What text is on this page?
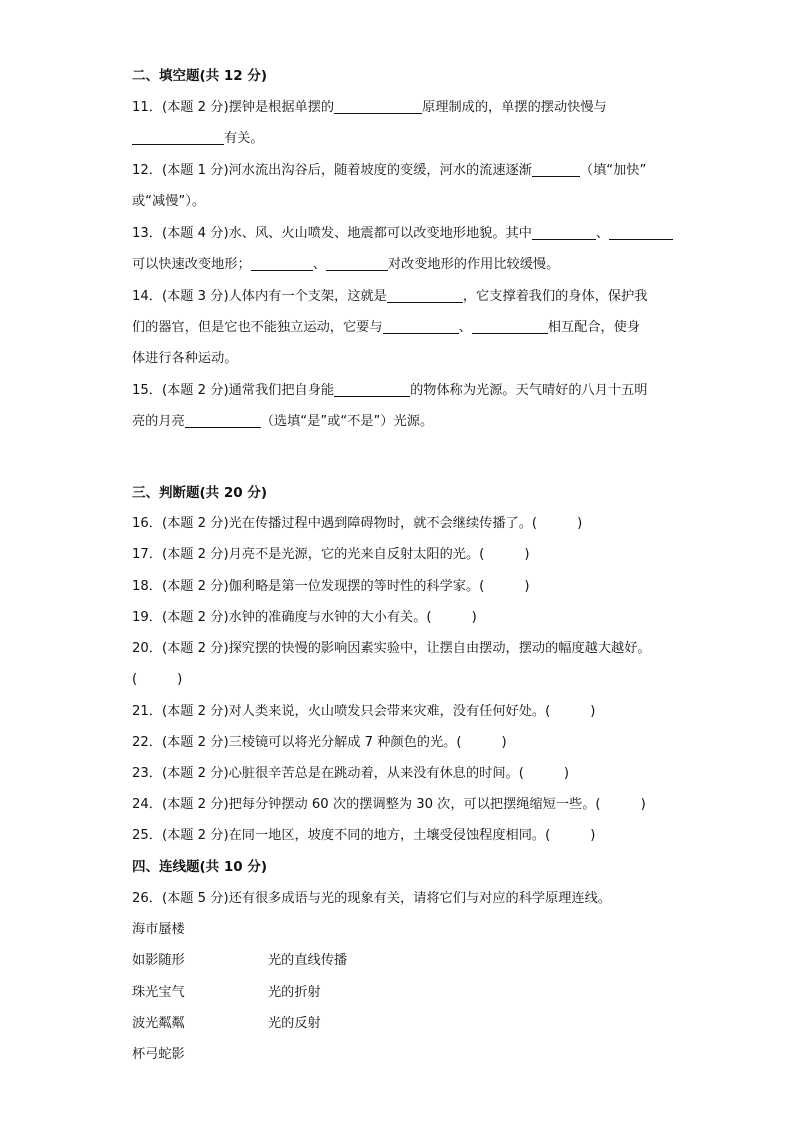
二、填空题(共 12 分)
11．(本题 2 分)摆钟是根据单摆的	原理制成的，单摆的摆动快慢与
有关。
12．(本题 1 分)河水流出沟谷后，随着坡度的变缓，河水的流速逐渐	（填“加快”
或“减慢”）。
13．(本题 4 分)水、风、火山喷发、地震都可以改变地形地貌。其中	、
可以快速改变地形；	、	对改变地形的作用比较缓慢。
14．(本题 3 分)人体内有一个支架，这就是	，它支撑着我们的身体，保护我
们的器官，但是它也不能独立运动，它要与	、	相互配合，使身
体进行各种运动。
15．(本题 2 分)通常我们把自身能	的物体称为光源。天气晴好的八月十五明
亮的月亮	（选填“是”或“不是”）光源。
三、判断题(共 20 分)
16．(本题 2 分)光在传播过程中遇到障碍物时，就不会继续传播了。(	)
17．(本题 2 分)月亮不是光源，它的光来自反射太阳的光。(	)
18．(本题 2 分)伽利略是第一位发现摆的等时性的科学家。(	)
19．(本题 2 分)水钟的准确度与水钟的大小有关。(	)
20．(本题 2 分)探究摆的快慢的影响因素实验中，让摆自由摆动，摆动的幅度越大越好。
(	)
21．(本题 2 分)对人类来说，火山喷发只会带来灾难，没有任何好处。(	)
22．(本题 2 分)三棱镜可以将光分解成 7 种颜色的光。(	)
23．(本题 2 分)心脏很辛苦总是在跳动着，从来没有休息的时间。(	)
24．(本题 2 分)把每分钟摆动 60 次的摆调整为 30 次，可以把摆绳缩短一些。(	)
25．(本题 2 分)在同一地区，坡度不同的地方，土壤受侵蚀程度相同。(	)
四、连线题(共 10 分)
26．(本题 5 分)还有很多成语与光的现象有关，请将它们与对应的科学原理连线。
海市蜃楼
如影随形
珠光宝气
波光粼粼
杯弓蛇影
光的直线传播
光的折射
光的反射
